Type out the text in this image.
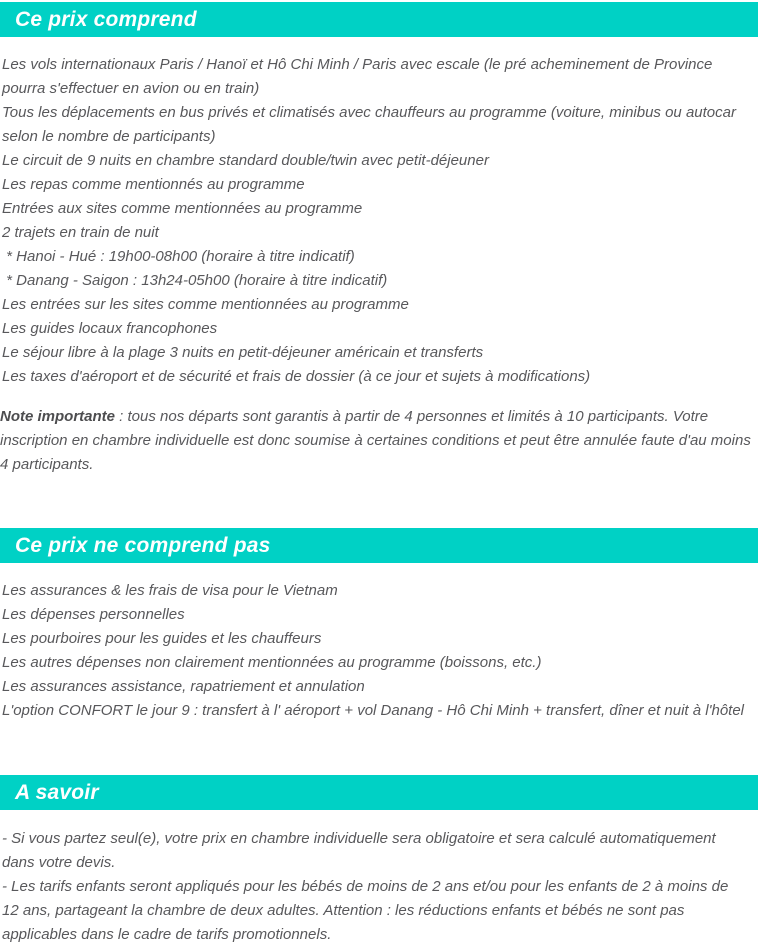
Ce prix comprend
Les vols internationaux Paris / Hanoï et Hô Chi Minh / Paris avec escale (le pré acheminement de Province pourra s'effectuer en avion ou en train)
Tous les déplacements en bus privés et climatisés avec chauffeurs au programme (voiture, minibus ou autocar selon le nombre de participants)
Le circuit de 9 nuits en chambre standard double/twin avec petit-déjeuner
Les repas comme mentionnés au programme
Entrées aux sites comme mentionnées au programme
2 trajets en train de nuit
* Hanoi - Hué : 19h00-08h00 (horaire à titre indicatif)
* Danang - Saigon : 13h24-05h00 (horaire à titre indicatif)
Les entrées sur les sites comme mentionnées au programme
Les guides locaux francophones
Le séjour libre à la plage 3 nuits en petit-déjeuner américain et transferts
Les taxes d'aéroport et de sécurité et frais de dossier (à ce jour et sujets à modifications)

Note importante : tous nos départs sont garantis à partir de 4 personnes et limités à 10 participants. Votre inscription en chambre individuelle est donc soumise à certaines conditions et peut être annulée faute d'au moins 4 participants.

Ce prix ne comprend pas
Les assurances & les frais de visa pour le Vietnam
Les dépenses personnelles
Les pourboires pour les guides et les chauffeurs
Les autres dépenses non clairement mentionnées au programme (boissons, etc.)
Les assurances assistance, rapatriement et annulation
L'option CONFORT le jour 9 : transfert à l' aéroport + vol Danang - Hô Chi Minh + transfert, dîner et nuit à l'hôtel
A savoir
- Si vous partez seul(e), votre prix en chambre individuelle sera obligatoire et sera calculé automatiquement dans votre devis.
- Les tarifs enfants seront appliqués pour les bébés de moins de 2 ans et/ou pour les enfants de 2 à moins de 12 ans, partageant la chambre de deux adultes. Attention : les réductions enfants et bébés ne sont pas applicables dans le cadre de tarifs promotionnels.
